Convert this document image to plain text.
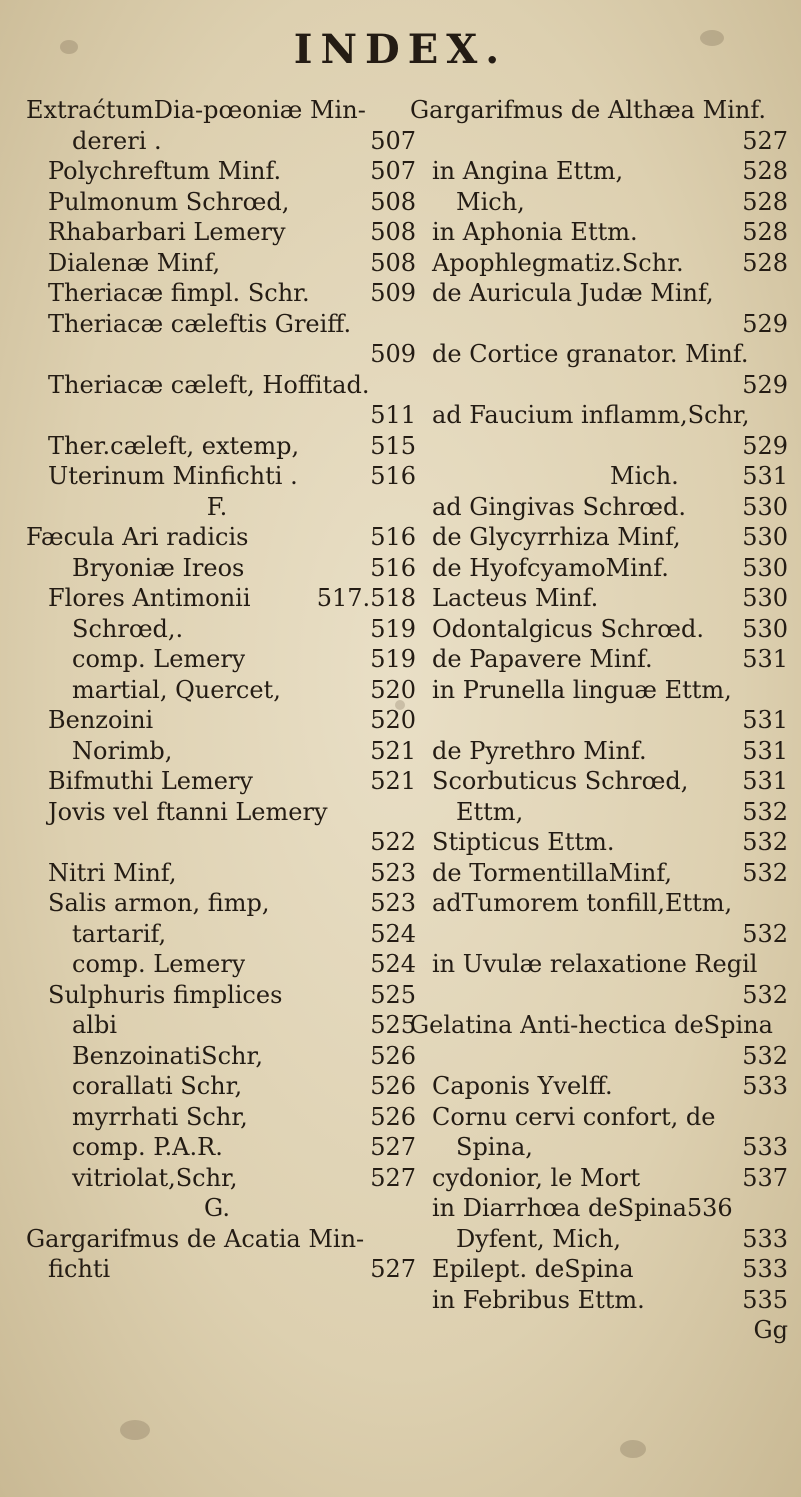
INDEX.
ExtraćtumDia-pœoniæ Min-
dereri .	507
Polychreftum Minf.	507
Pulmonum Schrœd,	508
Rhabarbari Lemery	508
Dialenæ Minf,	508
Theriacæ fimpl. Schr.	509
Theriacæ cæleftis Greiff.
509
Theriacæ cæleft, Hoffitad.
511
Ther.cæleft, extemp,	515
Uterinum Minfichti .	516
F.
Fæcula Ari radicis	516
Bryoniæ Ireos	516
Flores Antimonii	517.518
Schrœd,.	519
comp. Lemery	519
martial, Quercet,	520
Benzoini	520
Norimb,	521
Bifmuthi Lemery	521
Jovis vel ftanni Lemery
522
Nitri Minf,	523
Salis armon, fimp,	523
tartarif,	524
comp. Lemery	524
Sulphuris fimplices	525
albi	525
BenzoinatiSchr,	526
corallati Schr,	526
myrrhati Schr,	526
comp. P.A.R.	527
vitriolat,Schr,	527
G.
Gargarifmus de Acatia Min-
fichti	527
Gargarifmus de Althæa Minf.
527
in Angina Ettm,	528
Mich,	528
in Aphonia Ettm.	528
Apophlegmatiz.Schr.	528
de Auricula Judæ Minf,
529
de Cortice granator. Minf.
529
ad Faucium inflamm,Schr,
529
Mich.	531
ad Gingivas Schrœd.	530
de Glycyrrhiza Minf,	530
de HyofcyamoMinf.	530
Lacteus Minf.	530
Odontalgicus Schrœd.	530
de Papavere Minf.	531
in Prunella linguæ Ettm,
531
de Pyrethro Minf.	531
Scorbuticus Schrœd,	531
Ettm,	532
Stipticus Ettm.	532
de TormentillaMinf,	532
adTumorem tonfill,Ettm,
532
in Uvulæ relaxatione Regil
532
Gelatina Anti-hectica deSpina
532
Caponis Yvelff.	533
Cornu cervi confort, de
Spina,	533
cydonior, le Mort	537
in Diarrhœa deSpina536
Dyfent, Mich,	533
Epilept. deSpina	533
in Febribus Ettm.	535
Gg
